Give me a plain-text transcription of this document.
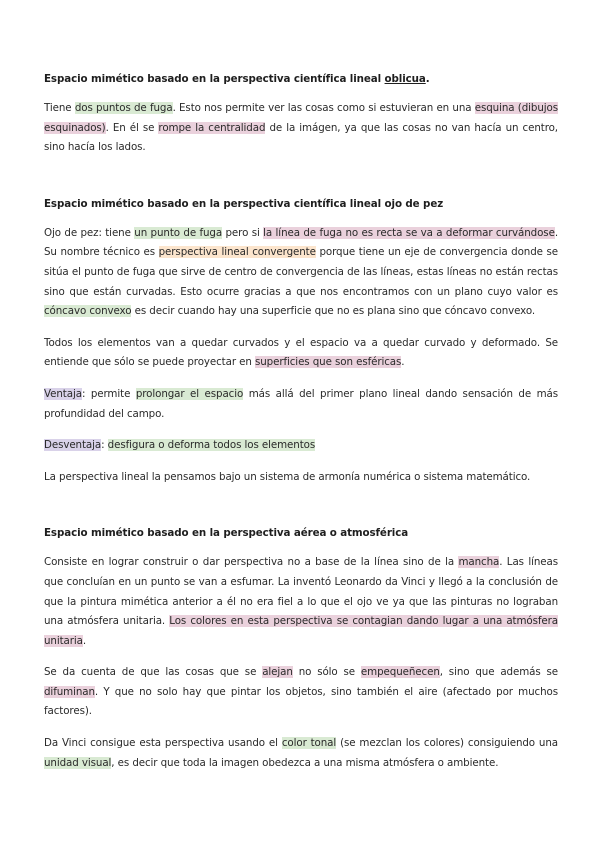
Espacio mimético basado en la perspectiva científica lineal oblicua.

Tiene dos puntos de fuga. Esto nos permite ver las cosas como si estuvieran en una esquina (dibujos esquinados). En él se rompe la centralidad de la imágen, ya que las cosas no van hacía un centro, sino hacía los lados.

Espacio mimético basado en la perspectiva científica lineal ojo de pez

Ojo de pez: tiene un punto de fuga pero si la línea de fuga no es recta se va a deformar curvándose. Su nombre técnico es perspectiva lineal convergente porque tiene un eje de convergencia donde se sitúa el punto de fuga que sirve de centro de convergencia de las líneas, estas líneas no están rectas sino que están curvadas. Esto ocurre gracias a que nos encontramos con un plano cuyo valor es cóncavo convexo es decir cuando hay una superficie que no es plana sino que cóncavo convexo.

Todos los elementos van a quedar curvados y el espacio va a quedar curvado y deformado. Se entiende que sólo se puede proyectar en superficies que son esféricas.

Ventaja: permite prolongar el espacio más allá del primer plano lineal dando sensación de más profundidad del campo.

Desventaja: desfigura o deforma todos los elementos

La perspectiva lineal la pensamos bajo un sistema de armonía numérica o sistema matemático.

Espacio mimético basado en la perspectiva aérea o atmosférica

Consiste en lograr construir o dar perspectiva no a base de la línea sino de la mancha. Las líneas que concluían en un punto se van a esfumar. La inventó Leonardo da Vinci y llegó a la conclusión de que la pintura mimética anterior a él no era fiel a lo que el ojo ve ya que las pinturas no lograban una atmósfera unitaria. Los colores en esta perspectiva se contagian dando lugar a una atmósfera unitaria.

Se da cuenta de que las cosas que se alejan no sólo se empequeñecen, sino que además se difuminan. Y que no solo hay que pintar los objetos, sino también el aire (afectado por muchos factores).

Da Vinci consigue esta perspectiva usando el color tonal (se mezclan los colores) consiguiendo una unidad visual, es decir que toda la imagen obedezca a una misma atmósfera o ambiente.
